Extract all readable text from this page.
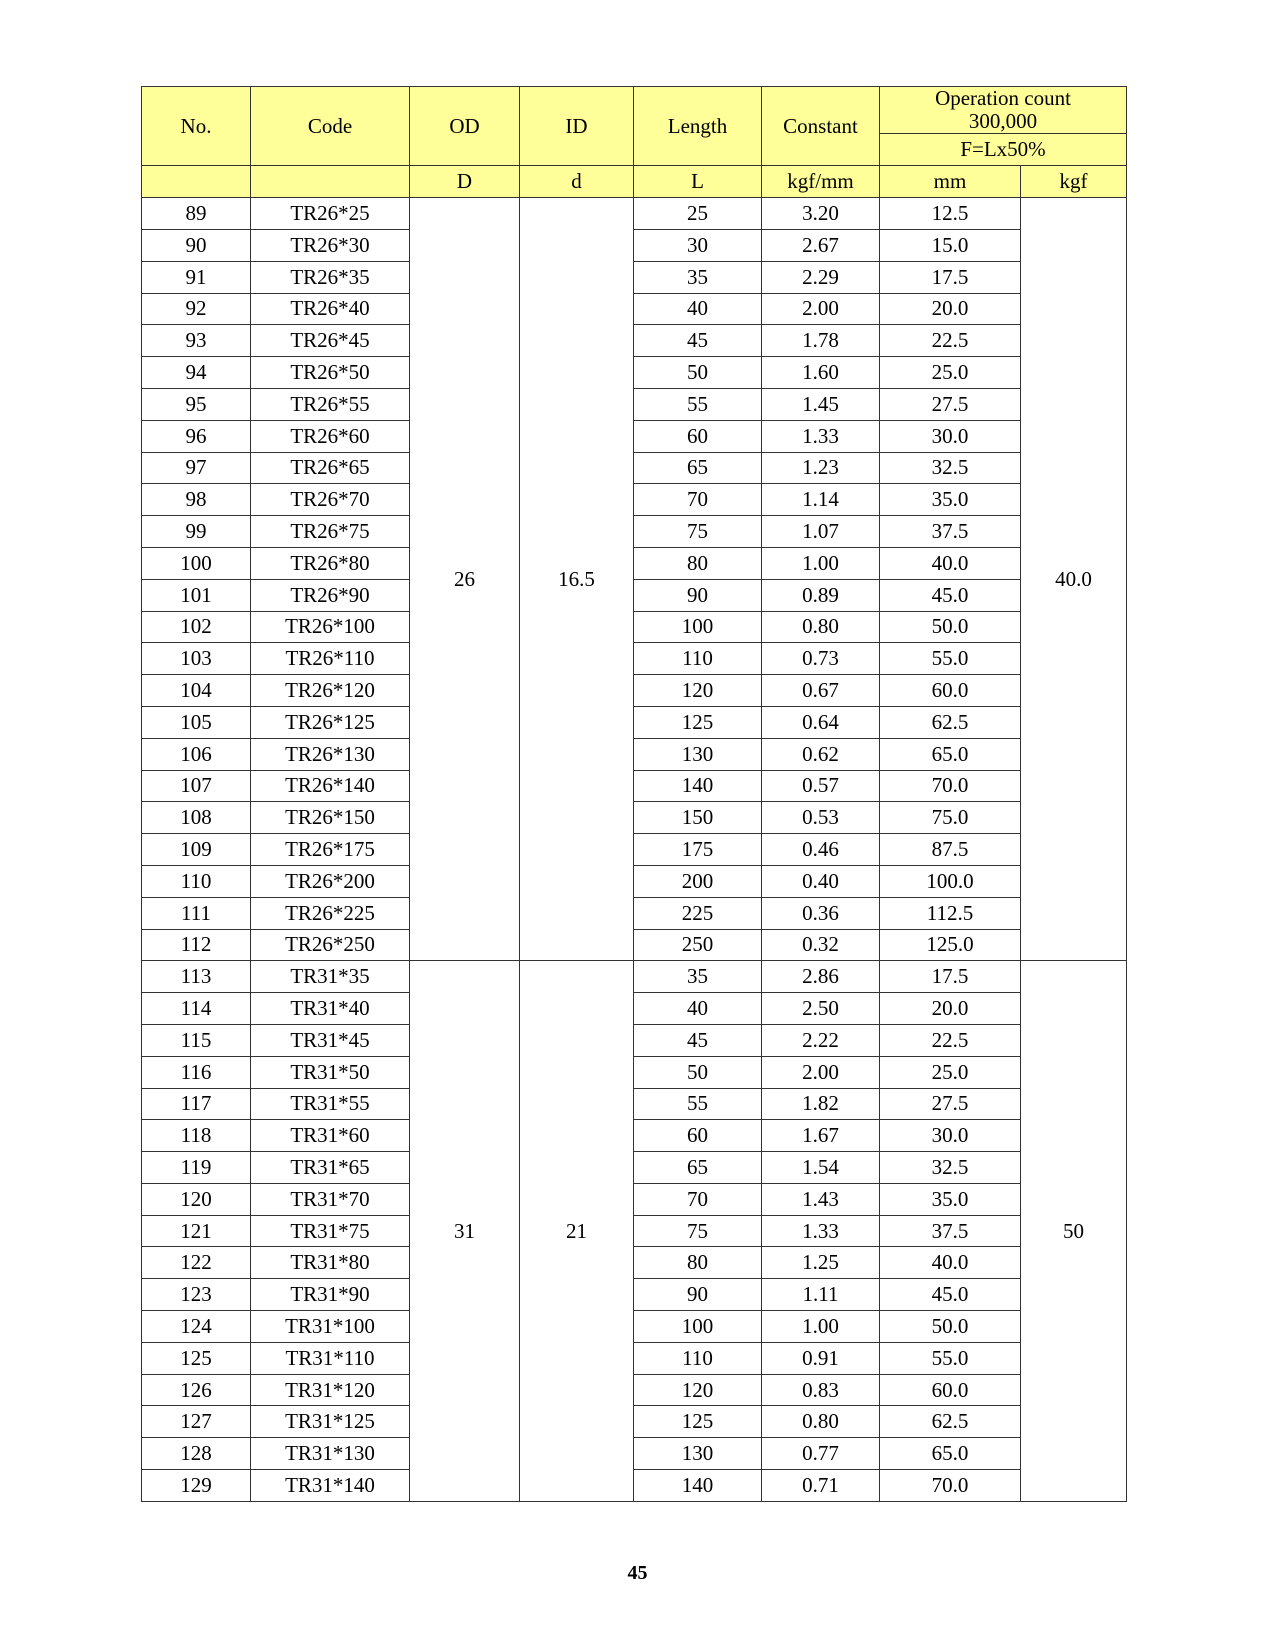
No.	Code	OD	ID	Length	Constant	Operation count
300,000	

						F=Lx50%	
		D	d	L	kgf/mm	mm	kgf
89	TR26*25	26	16.5	25	3.20	12.5	40.0
90	TR26*30			30	2.67	15.0	
91	TR26*35			35	2.29	17.5	
92	TR26*40			40	2.00	20.0	
93	TR26*45			45	1.78	22.5	
94	TR26*50			50	1.60	25.0	
95	TR26*55			55	1.45	27.5	
96	TR26*60			60	1.33	30.0	
97	TR26*65			65	1.23	32.5	
98	TR26*70			70	1.14	35.0	
99	TR26*75			75	1.07	37.5	
100	TR26*80			80	1.00	40.0	
101	TR26*90			90	0.89	45.0	
102	TR26*100			100	0.80	50.0	
103	TR26*110			110	0.73	55.0	
104	TR26*120			120	0.67	60.0	
105	TR26*125			125	0.64	62.5	
106	TR26*130			130	0.62	65.0	
107	TR26*140			140	0.57	70.0	
108	TR26*150			150	0.53	75.0	
109	TR26*175			175	0.46	87.5	
110	TR26*200			200	0.40	100.0	
111	TR26*225			225	0.36	112.5	
112	TR26*250			250	0.32	125.0	
113	TR31*35	31	21	35	2.86	17.5	50
114	TR31*40			40	2.50	20.0	
115	TR31*45			45	2.22	22.5	
116	TR31*50			50	2.00	25.0	
117	TR31*55			55	1.82	27.5	
118	TR31*60			60	1.67	30.0	
119	TR31*65			65	1.54	32.5	
120	TR31*70			70	1.43	35.0	
121	TR31*75			75	1.33	37.5	
122	TR31*80			80	1.25	40.0	
123	TR31*90			90	1.11	45.0	
124	TR31*100			100	1.00	50.0	
125	TR31*110			110	0.91	55.0	
126	TR31*120			120	0.83	60.0	
127	TR31*125			125	0.80	62.5	
128	TR31*130			130	0.77	65.0	
129	TR31*140			140	0.71	70.0	
45
